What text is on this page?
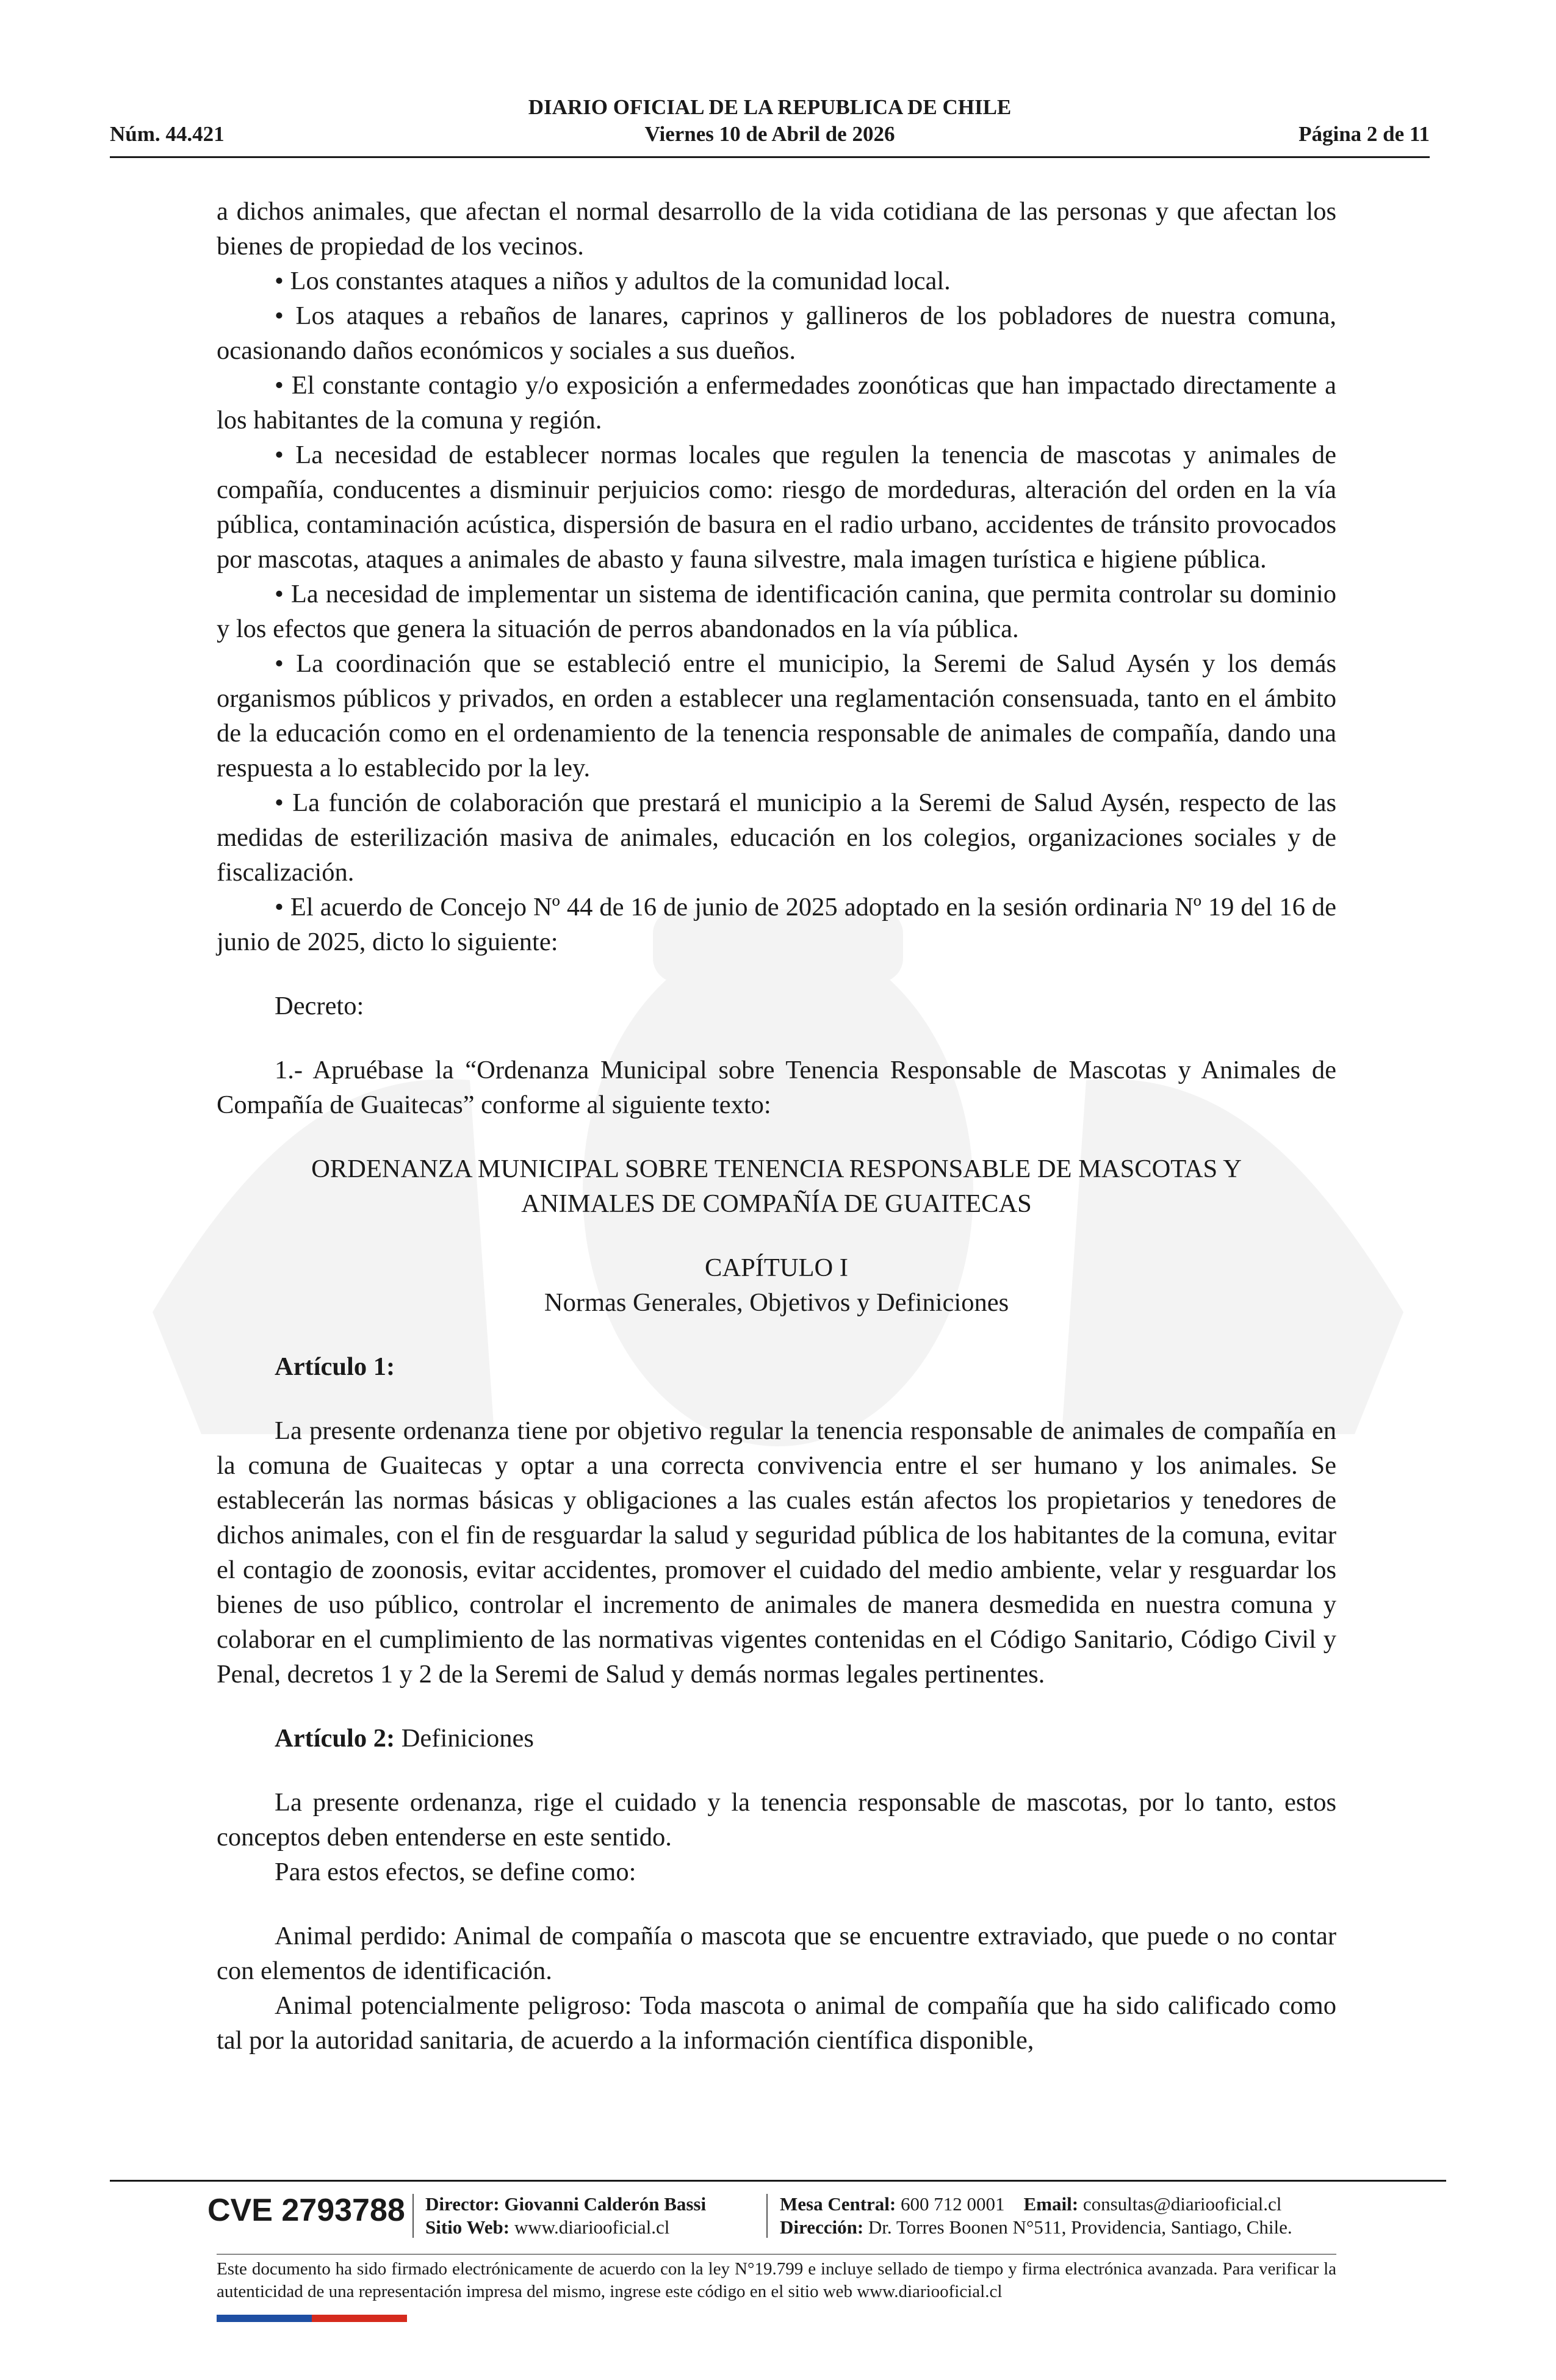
DIARIO OFICIAL DE LA REPUBLICA DE CHILE
Núm. 44.421	Viernes 10 de Abril de 2026	Página 2 de 11

a dichos animales, que afectan el normal desarrollo de la vida cotidiana de las personas y que afectan los bienes de propiedad de los vecinos.

• Los constantes ataques a niños y adultos de la comunidad local.

• Los ataques a rebaños de lanares, caprinos y gallineros de los pobladores de nuestra comuna, ocasionando daños económicos y sociales a sus dueños.

• El constante contagio y/o exposición a enfermedades zoonóticas que han impactado directamente a los habitantes de la comuna y región.

• La necesidad de establecer normas locales que regulen la tenencia de mascotas y animales de compañía, conducentes a disminuir perjuicios como: riesgo de mordeduras, alteración del orden en la vía pública, contaminación acústica, dispersión de basura en el radio urbano, accidentes de tránsito provocados por mascotas, ataques a animales de abasto y fauna silvestre, mala imagen turística e higiene pública.

• La necesidad de implementar un sistema de identificación canina, que permita controlar su dominio y los efectos que genera la situación de perros abandonados en la vía pública.

• La coordinación que se estableció entre el municipio, la Seremi de Salud Aysén y los demás organismos públicos y privados, en orden a establecer una reglamentación consensuada, tanto en el ámbito de la educación como en el ordenamiento de la tenencia responsable de animales de compañía, dando una respuesta a lo establecido por la ley.

• La función de colaboración que prestará el municipio a la Seremi de Salud Aysén, respecto de las medidas de esterilización masiva de animales, educación en los colegios, organizaciones sociales y de fiscalización.

• El acuerdo de Concejo Nº 44 de 16 de junio de 2025 adoptado en la sesión ordinaria Nº 19 del 16 de junio de 2025, dicto lo siguiente:

Decreto:

1.- Apruébase la “Ordenanza Municipal sobre Tenencia Responsable de Mascotas y Animales de Compañía de Guaitecas” conforme al siguiente texto:

ORDENANZA MUNICIPAL SOBRE TENENCIA RESPONSABLE DE MASCOTAS Y

ANIMALES DE COMPAÑÍA DE GUAITECAS

CAPÍTULO I

Normas Generales, Objetivos y Definiciones

Artículo 1:

La presente ordenanza tiene por objetivo regular la tenencia responsable de animales de compañía en la comuna de Guaitecas y optar a una correcta convivencia entre el ser humano y los animales. Se establecerán las normas básicas y obligaciones a las cuales están afectos los propietarios y tenedores de dichos animales, con el fin de resguardar la salud y seguridad pública de los habitantes de la comuna, evitar el contagio de zoonosis, evitar accidentes, promover el cuidado del medio ambiente, velar y resguardar los bienes de uso público, controlar el incremento de animales de manera desmedida en nuestra comuna y colaborar en el cumplimiento de las normativas vigentes contenidas en el Código Sanitario, Código Civil y Penal, decretos 1 y 2 de la Seremi de Salud y demás normas legales pertinentes.

Artículo 2: Definiciones

La presente ordenanza, rige el cuidado y la tenencia responsable de mascotas, por lo tanto, estos conceptos deben entenderse en este sentido.

Para estos efectos, se define como:

Animal perdido: Animal de compañía o mascota que se encuentre extraviado, que puede o no contar con elementos de identificación.

Animal potencialmente peligroso: Toda mascota o animal de compañía que ha sido calificado como tal por la autoridad sanitaria, de acuerdo a la información científica disponible,

CVE 2793788 Director: Giovanni Calderón Bassi
Sitio Web: www.diariooficial.cl
Mesa Central: 600 712 0001 Email: consultas@diariooficial.cl
Dirección: Dr. Torres Boonen N°511, Providencia, Santiago, Chile.
Este documento ha sido firmado electrónicamente de acuerdo con la ley N°19.799 e incluye sellado de tiempo y firma electrónica avanzada. Para verificar la autenticidad de una representación impresa del mismo, ingrese este código en el sitio web www.diariooficial.cl
